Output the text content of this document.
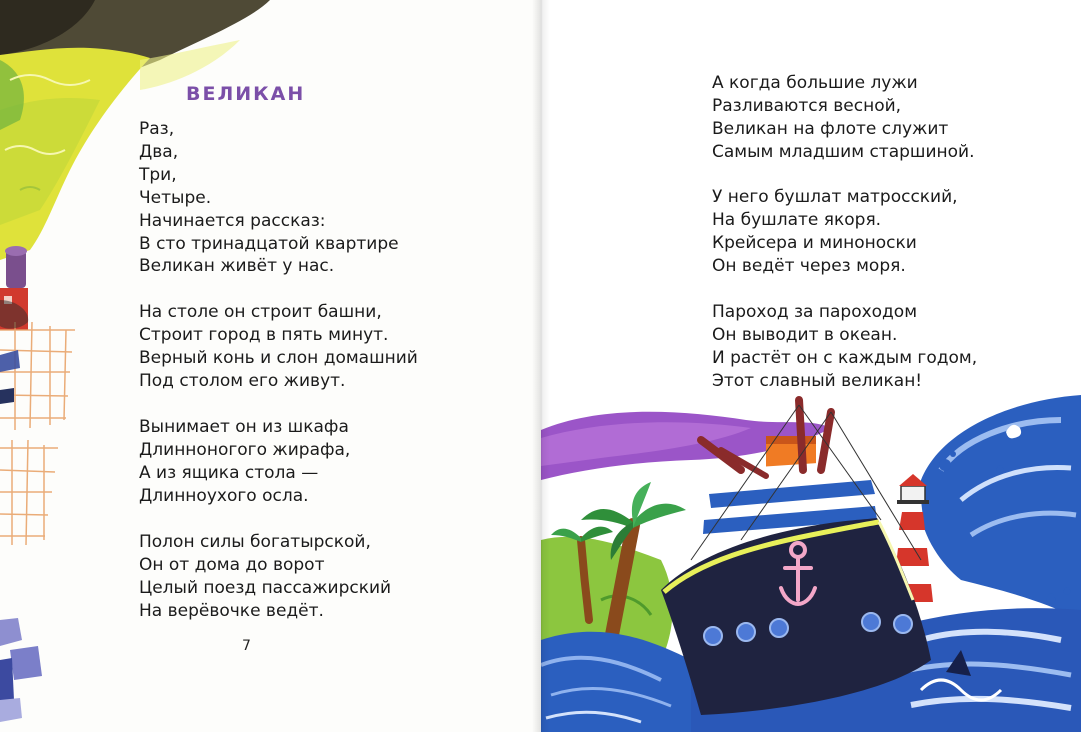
ВЕЛИКАН
Раз,
Два,
Три,
Четыре.
Начинается рассказ:
В сто тринадцатой квартире
Великан живёт у нас.
На столе он строит башни,
Строит город в пять минут.
Верный конь и слон домашний
Под столом его живут.
Вынимает он из шкафа
Длинноногого жирафа,
А из ящика стола —
Длинноухого осла.
Полон силы богатырской,
Он от дома до ворот
Целый поезд пассажирский
На верёвочке ведёт.
7
А когда большие лужи
Разливаются весной,
Великан на флоте служит
Самым младшим старшиной.
У него бушлат матросский,
На бушлате якоря.
Крейсера и миноноски
Он ведёт через моря.
Пароход за пароходом
Он выводит в океан.
И растёт он с каждым годом,
Этот славный великан!
